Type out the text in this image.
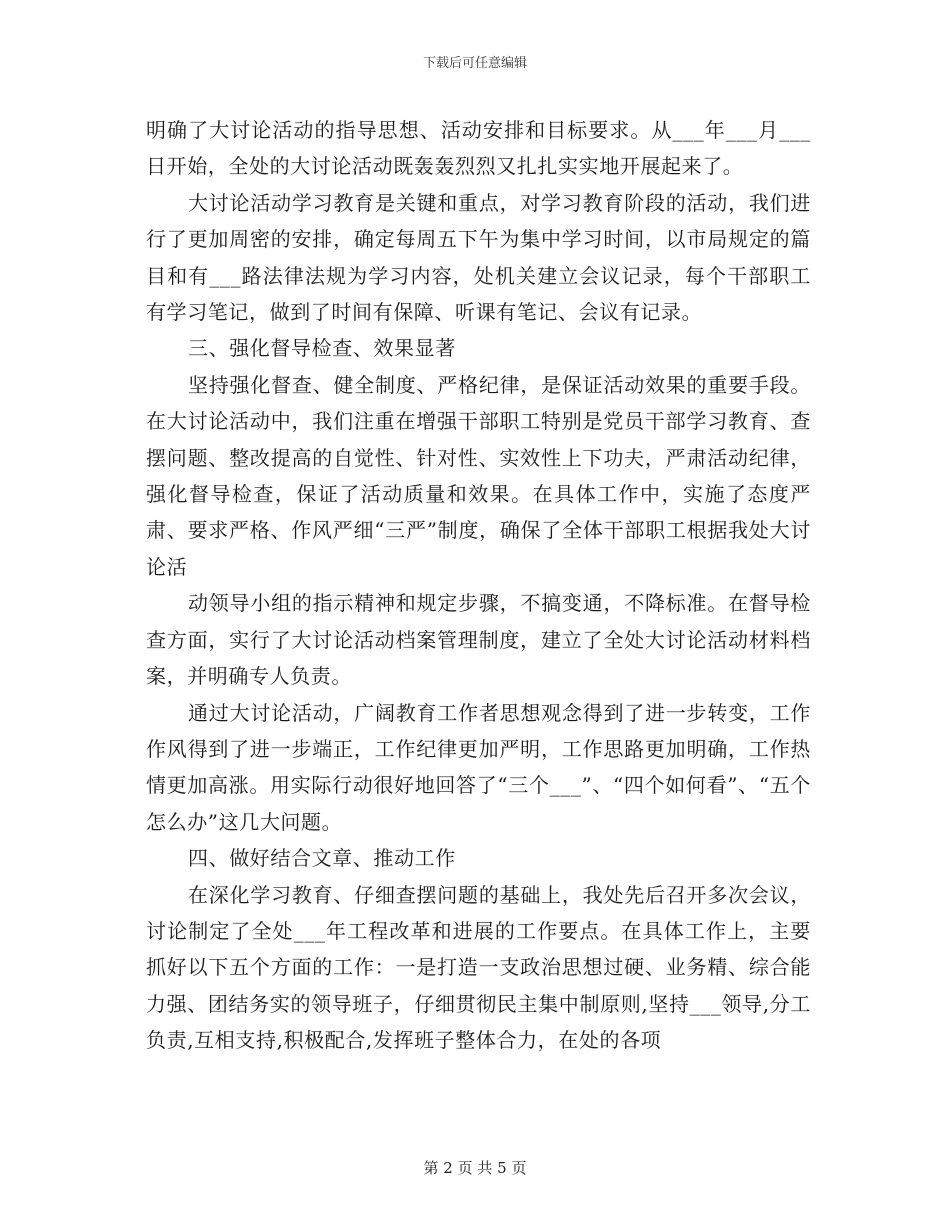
下载后可任意编辑

明确了大讨论活动的指导思想、活动安排和目标要求。从___年___月___日开始，全处的大讨论活动既轰轰烈烈又扎扎实实地开展起来了。

大讨论活动学习教育是关键和重点，对学习教育阶段的活动，我们进行了更加周密的安排，确定每周五下午为集中学习时间，以市局规定的篇目和有___路法律法规为学习内容，处机关建立会议记录，每个干部职工有学习笔记，做到了时间有保障、听课有笔记、会议有记录。

三、强化督导检查、效果显著

坚持强化督查、健全制度、严格纪律，是保证活动效果的重要手段。在大讨论活动中，我们注重在增强干部职工特别是党员干部学习教育、查摆问题、整改提高的自觉性、针对性、实效性上下功夫，严肃活动纪律，强化督导检查，保证了活动质量和效果。在具体工作中，实施了态度严肃、要求严格、作风严细“三严”制度，确保了全体干部职工根据我处大讨论活

动领导小组的指示精神和规定步骤，不搞变通，不降标准。在督导检查方面，实行了大讨论活动档案管理制度，建立了全处大讨论活动材料档案，并明确专人负责。

通过大讨论活动，广阔教育工作者思想观念得到了进一步转变，工作作风得到了进一步端正，工作纪律更加严明，工作思路更加明确，工作热情更加高涨。用实际行动很好地回答了“三个___”、“四个如何看”、“五个怎么办”这几大问题。

四、做好结合文章、推动工作

在深化学习教育、仔细查摆问题的基础上，我处先后召开多次会议，讨论制定了全处___年工程改革和进展的工作要点。在具体工作上，主要抓好以下五个方面的工作：一是打造一支政治思想过硬、业务精、综合能力强、团结务实的领导班子，仔细贯彻民主集中制原则,坚持___领导,分工负责,互相支持,积极配合,发挥班子整体合力，在处的各项

第 2 页 共 5 页
